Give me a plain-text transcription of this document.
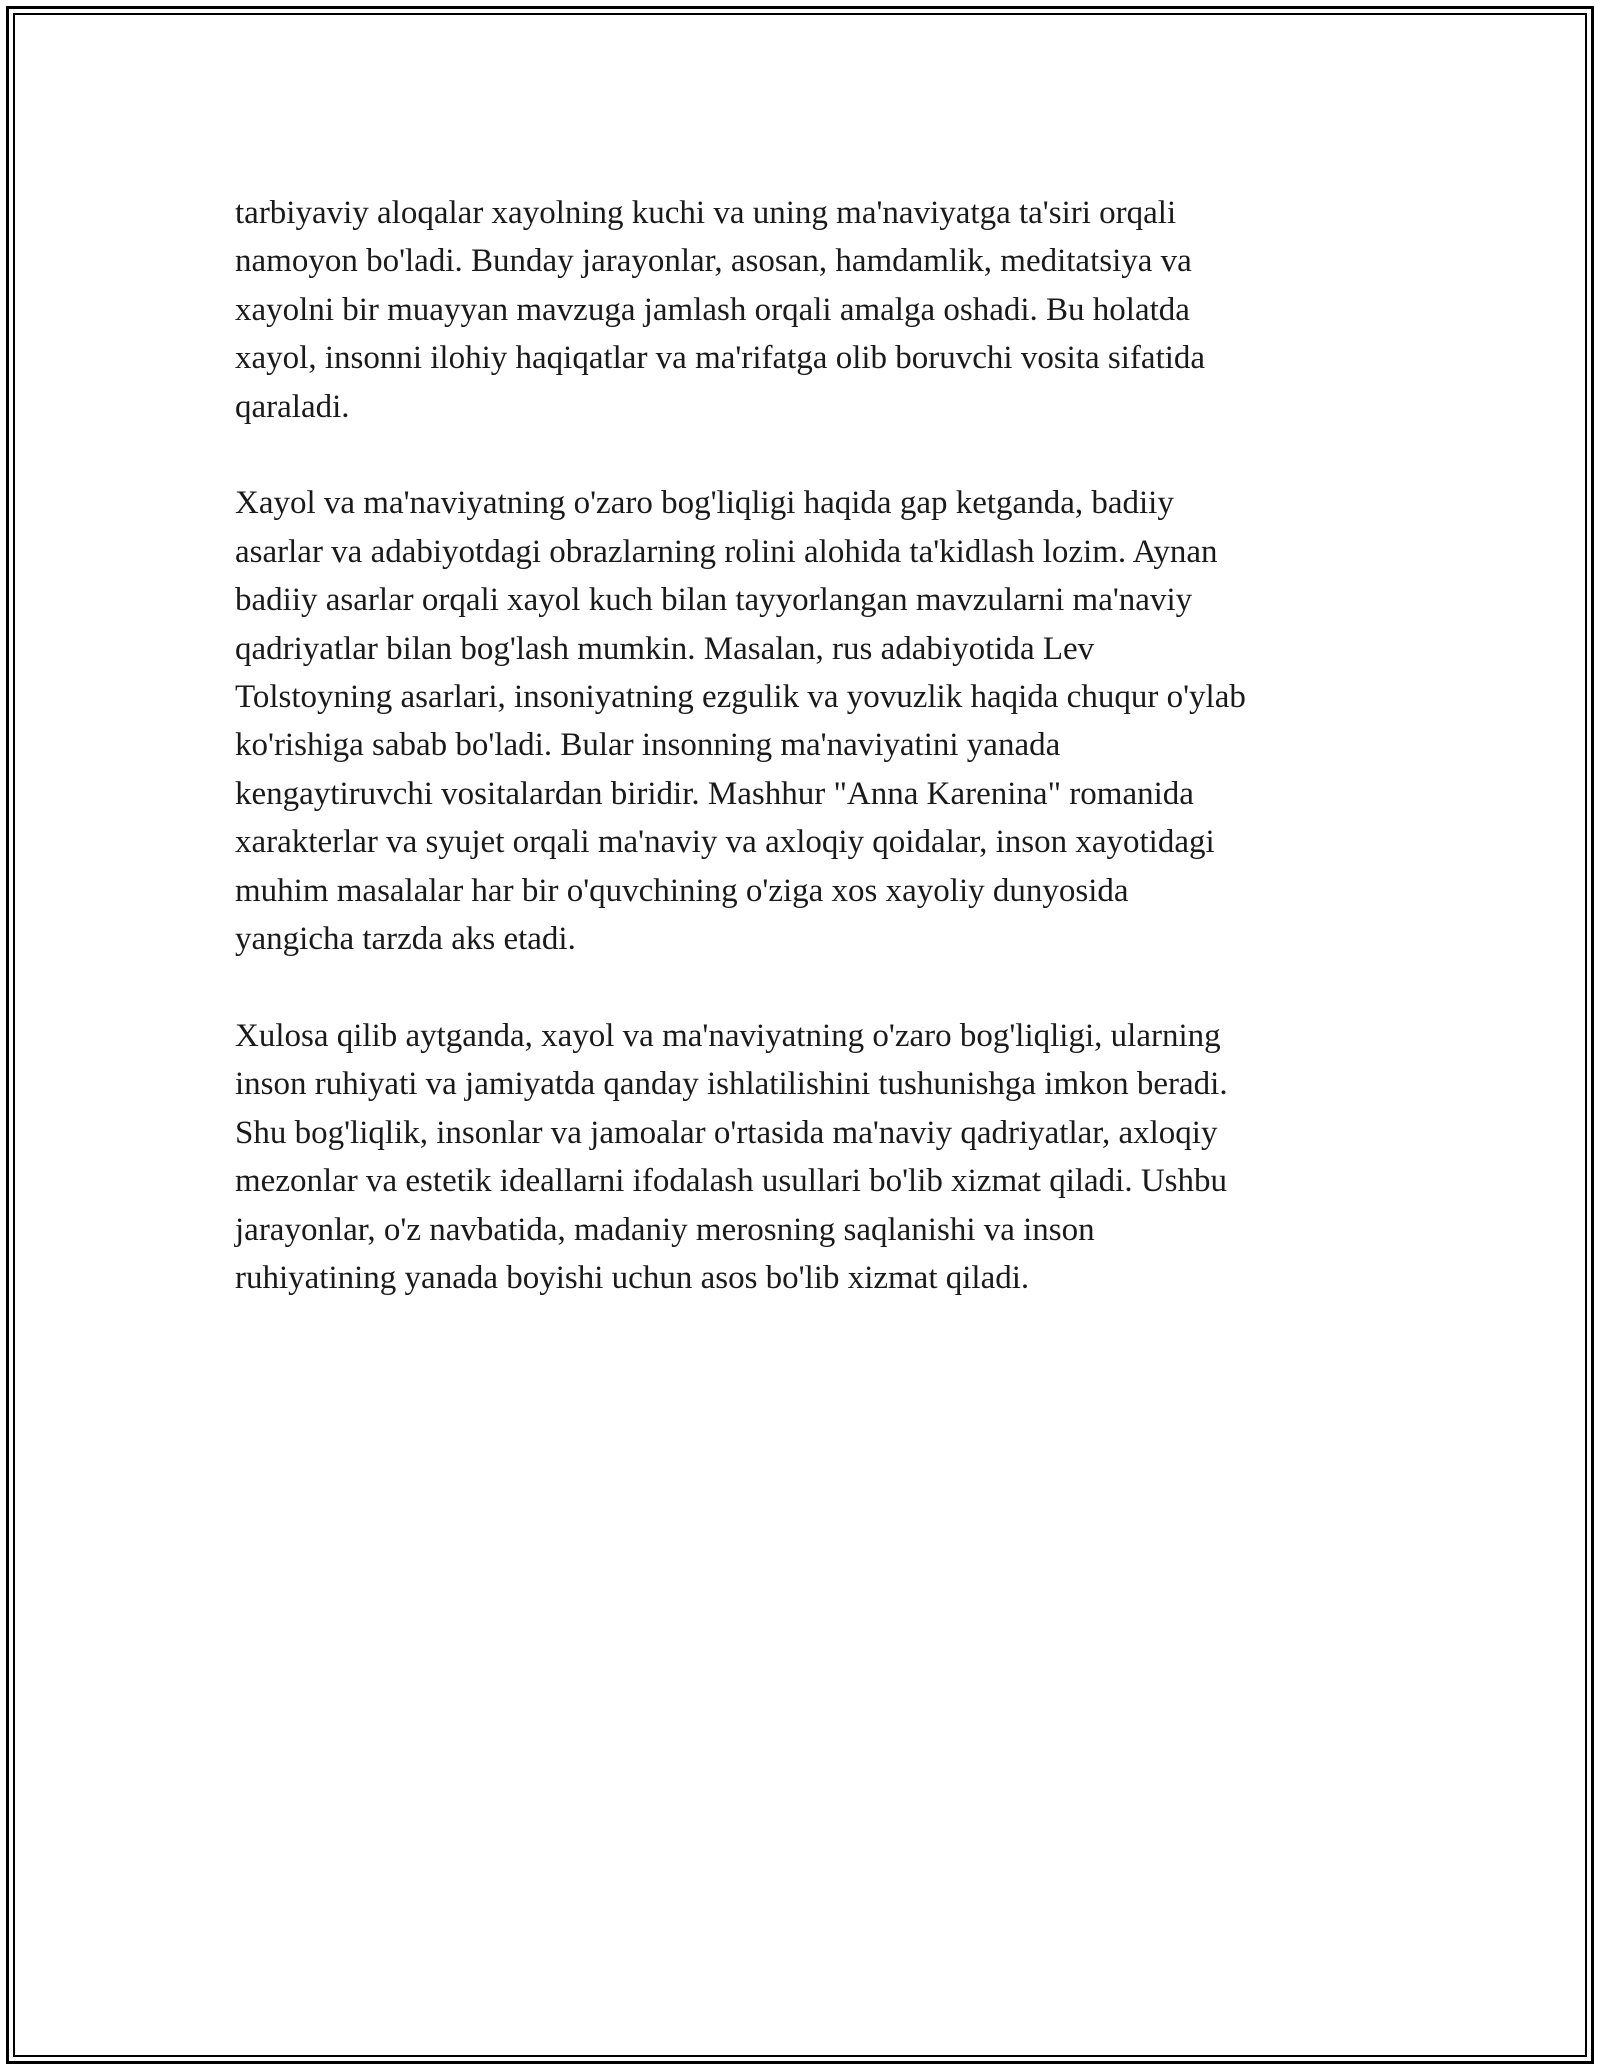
tarbiyaviy aloqalar xayolning kuchi va uning ma'naviyatga ta'siri orqali
namoyon bo'ladi. Bunday jarayonlar, asosan, hamdamlik, meditatsiya va
xayolni bir muayyan mavzuga jamlash orqali amalga oshadi. Bu holatda
xayol, insonni ilohiy haqiqatlar va ma'rifatga olib boruvchi vosita sifatida
qaraladi.

Xayol va ma'naviyatning o'zaro bog'liqligi haqida gap ketganda, badiiy
asarlar va adabiyotdagi obrazlarning rolini alohida ta'kidlash lozim. Aynan
badiiy asarlar orqali xayol kuch bilan tayyorlangan mavzularni ma'naviy
qadriyatlar bilan bog'lash mumkin. Masalan, rus adabiyotida Lev
Tolstoyning asarlari, insoniyatning ezgulik va yovuzlik haqida chuqur o'ylab
ko'rishiga sabab bo'ladi. Bular insonning ma'naviyatini yanada
kengaytiruvchi vositalardan biridir. Mashhur "Anna Karenina" romanida
xarakterlar va syujet orqali ma'naviy va axloqiy qoidalar, inson xayotidagi
muhim masalalar har bir o'quvchining o'ziga xos xayoliy dunyosida
yangicha tarzda aks etadi.

Xulosa qilib aytganda, xayol va ma'naviyatning o'zaro bog'liqligi, ularning
inson ruhiyati va jamiyatda qanday ishlatilishini tushunishga imkon beradi.
Shu bog'liqlik, insonlar va jamoalar o'rtasida ma'naviy qadriyatlar, axloqiy
mezonlar va estetik ideallarni ifodalash usullari bo'lib xizmat qiladi. Ushbu
jarayonlar, o'z navbatida, madaniy merosning saqlanishi va inson
ruhiyatining yanada boyishi uchun asos bo'lib xizmat qiladi.
